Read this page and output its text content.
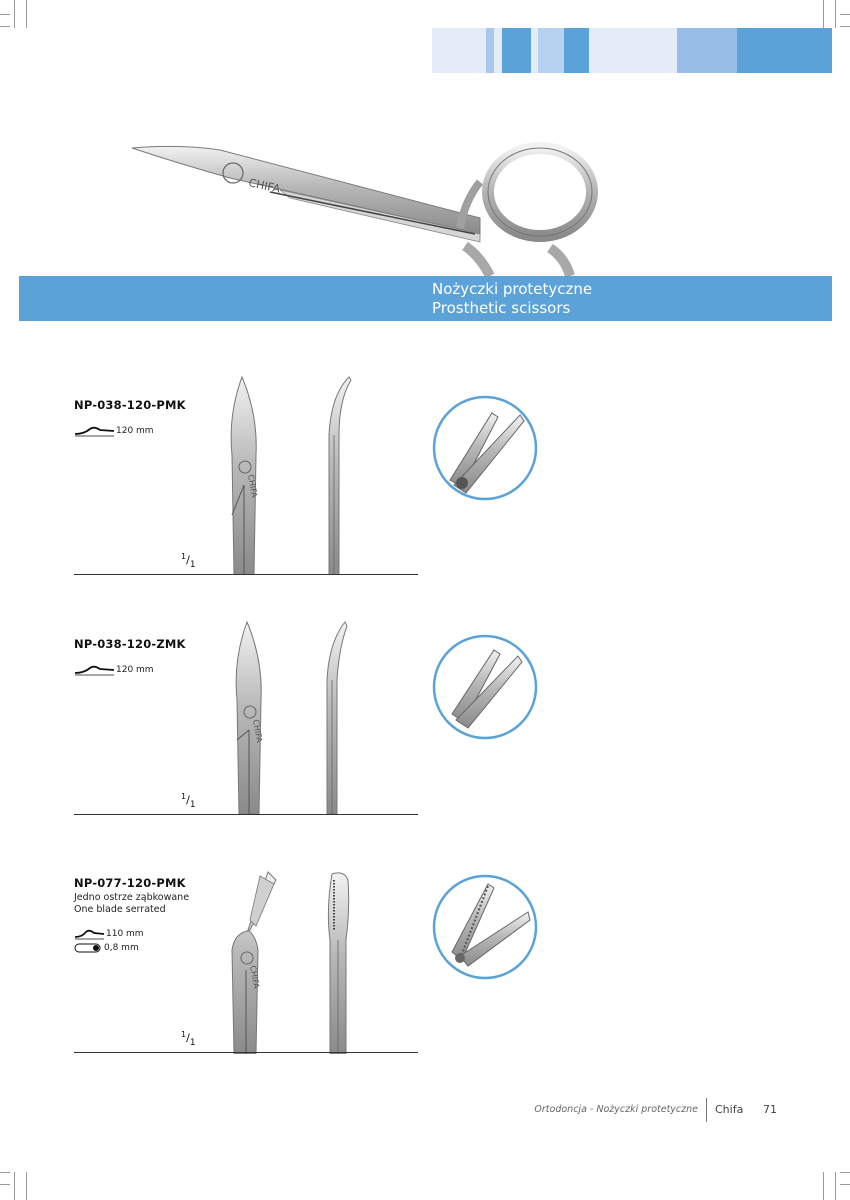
CHIFA
Nożyczki protetyczne
Prosthetic scissors
NP-038-120-PMK
120 mm
$^1/_1$
CHIFA
NP-038-120-ZMK
120 mm
$^1/_1$
CHIFA
NP-077-120-PMK
Jedno ostrze ząbkowane
One blade serrated
110 mm
0,8 mm
$^1/_1$
CHIFA
Ortodoncja - Nożyczki protetyczne Chifa 71
